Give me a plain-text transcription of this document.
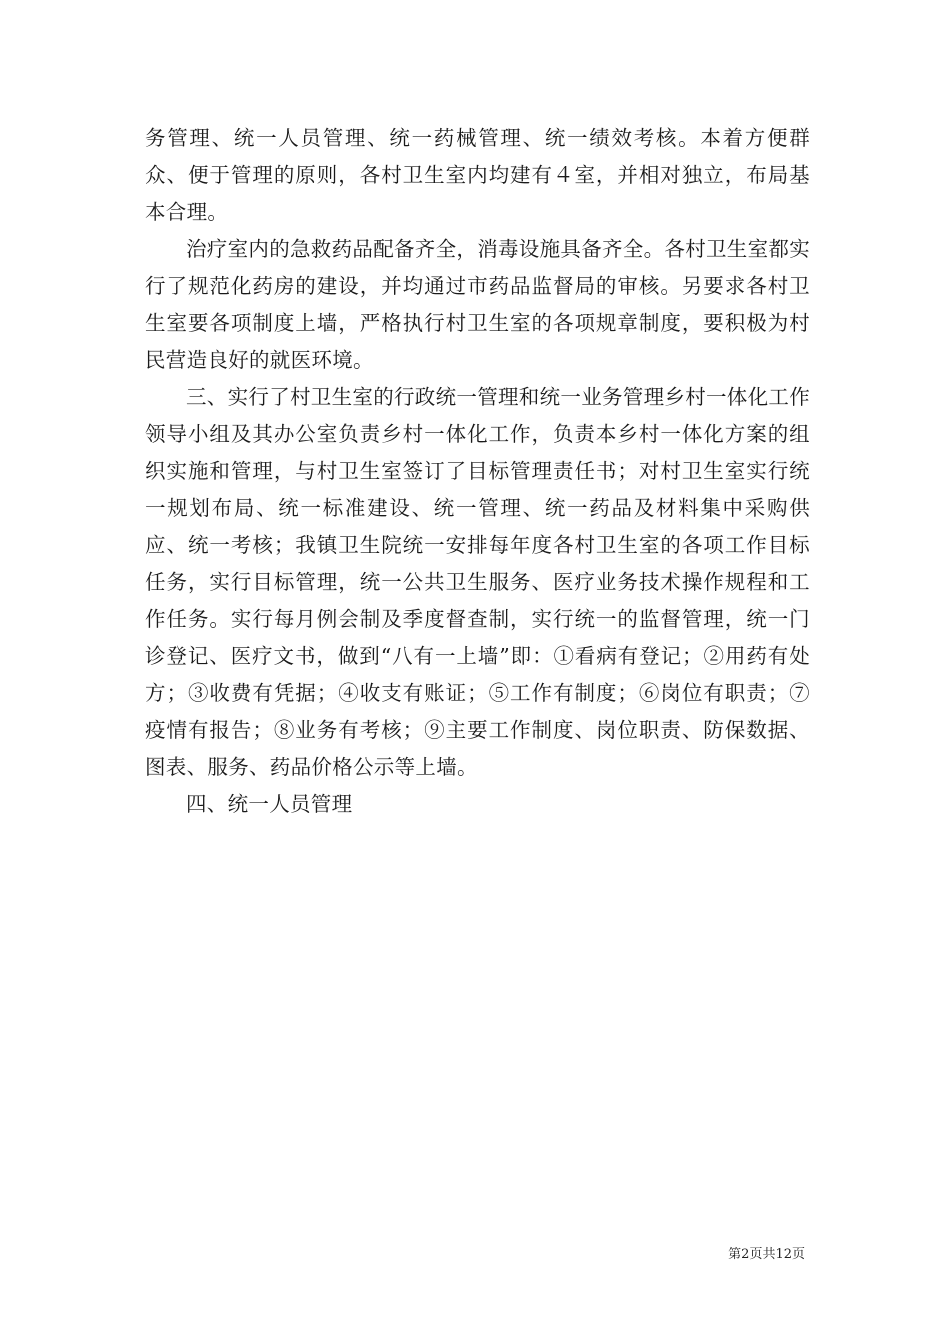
务管理、统一人员管理、统一药械管理、统一绩效考核。本着方便群众、便于管理的原则，各村卫生室内均建有４室，并相对独立，布局基本合理。

治疗室内的急救药品配备齐全，消毒设施具备齐全。各村卫生室都实行了规范化药房的建设，并均通过市药品监督局的审核。另要求各村卫生室要各项制度上墙，严格执行村卫生室的各项规章制度，要积极为村民营造良好的就医环境。

三、实行了村卫生室的行政统一管理和统一业务管理乡村一体化工作领导小组及其办公室负责乡村一体化工作，负责本乡村一体化方案的组织实施和管理，与村卫生室签订了目标管理责任书；对村卫生室实行统一规划布局、统一标准建设、统一管理、统一药品及材料集中采购供应、统一考核；我镇卫生院统一安排每年度各村卫生室的各项工作目标任务，实行目标管理，统一公共卫生服务、医疗业务技术操作规程和工作任务。实行每月例会制及季度督查制，实行统一的监督管理，统一门诊登记、医疗文书，做到“八有一上墙”即：①看病有登记；②用药有处方；③收费有凭据；④收支有账证；⑤工作有制度；⑥岗位有职责；⑦疫情有报告；⑧业务有考核；⑨主要工作制度、岗位职责、防保数据、图表、服务、药品价格公示等上墙。

四、统一人员管理

第2页共12页
